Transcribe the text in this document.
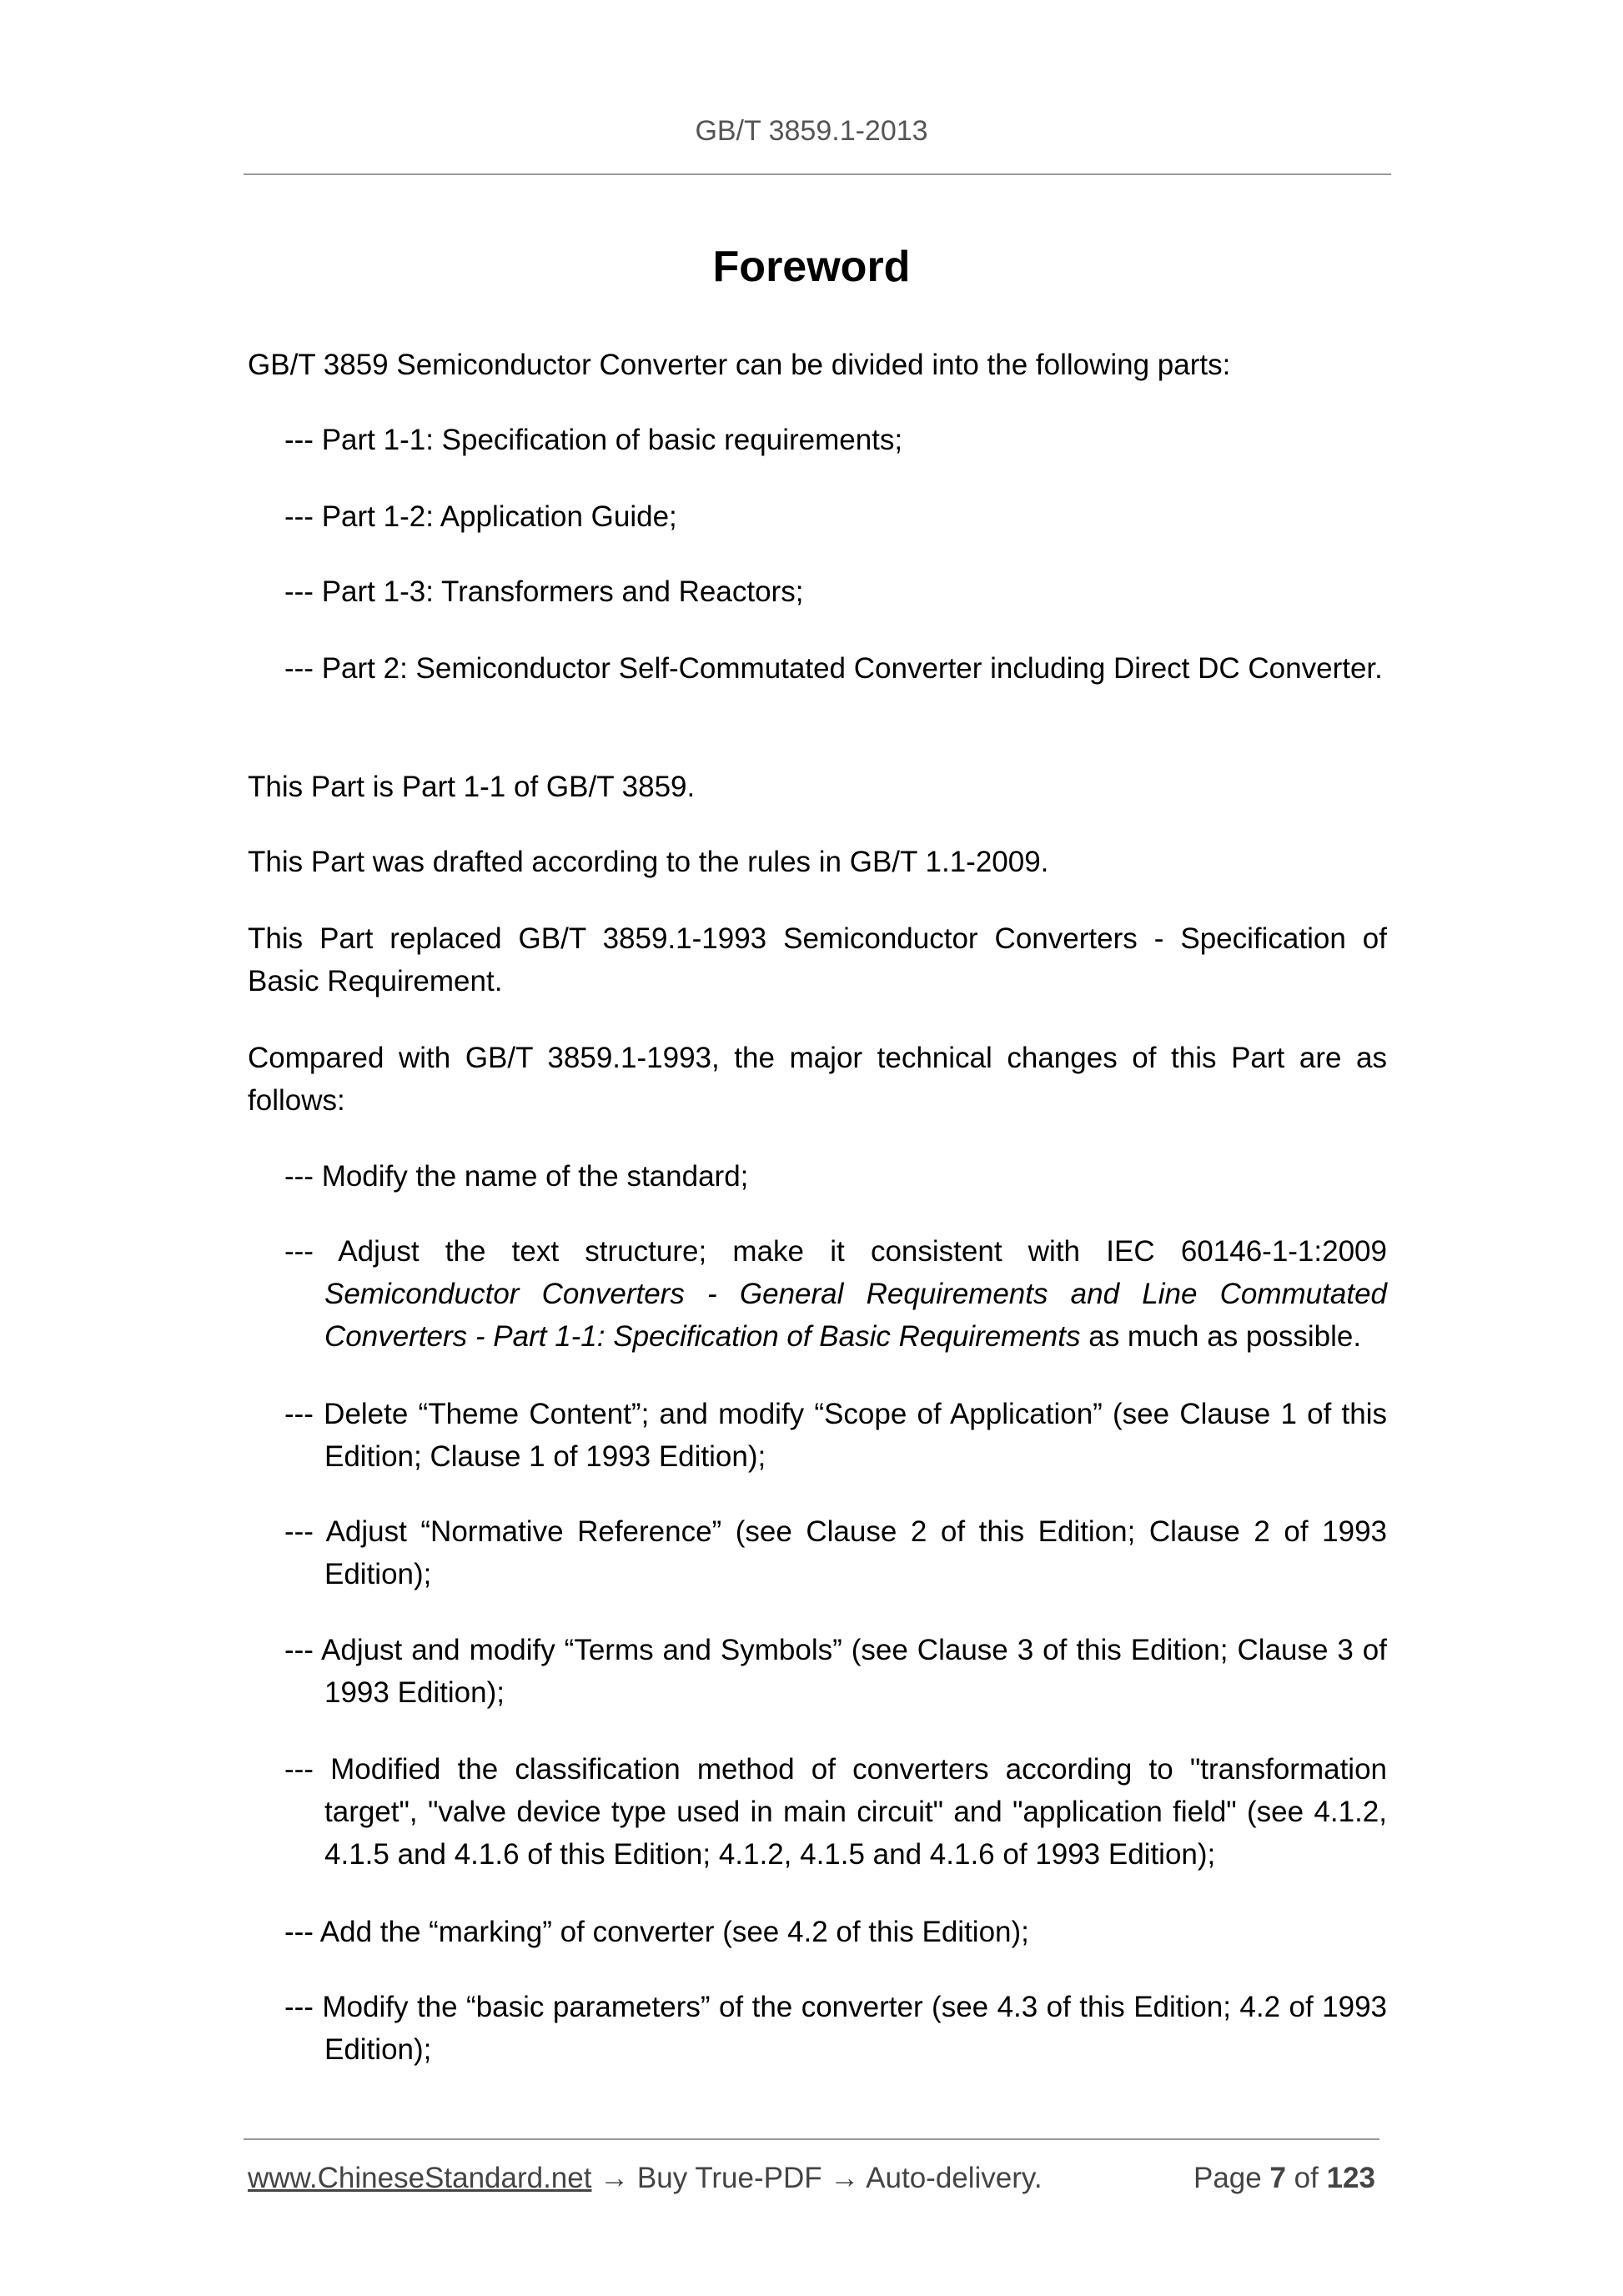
GB/T 3859.1-2013
Foreword
GB/T 3859 Semiconductor Converter can be divided into the following parts:
--- Part 1-1: Specification of basic requirements;
--- Part 1-2: Application Guide;
--- Part 1-3: Transformers and Reactors;
--- Part 2: Semiconductor Self-Commutated Converter including Direct DC Converter.
This Part is Part 1-1 of GB/T 3859.
This Part was drafted according to the rules in GB/T 1.1-2009.
This Part replaced GB/T 3859.1-1993 Semiconductor Converters - Specification of Basic Requirement.
Compared with GB/T 3859.1-1993, the major technical changes of this Part are as follows:
--- Modify the name of the standard;
--- Adjust the text structure; make it consistent with IEC 60146-1-1:2009 Semiconductor Converters - General Requirements and Line Commutated Converters - Part 1-1: Specification of Basic Requirements as much as possible.
--- Delete “Theme Content”; and modify “Scope of Application” (see Clause 1 of this Edition; Clause 1 of 1993 Edition);
--- Adjust “Normative Reference” (see Clause 2 of this Edition; Clause 2 of 1993 Edition);
--- Adjust and modify “Terms and Symbols” (see Clause 3 of this Edition; Clause 3 of 1993 Edition);
--- Modified the classification method of converters according to "transformation target", "valve device type used in main circuit" and "application field" (see 4.1.2, 4.1.5 and 4.1.6 of this Edition; 4.1.2, 4.1.5 and 4.1.6 of 1993 Edition);
--- Add the “marking” of converter (see 4.2 of this Edition);
--- Modify the “basic parameters” of the converter (see 4.3 of this Edition; 4.2 of 1993 Edition);
www.ChineseStandard.net → Buy True-PDF → Auto-delivery.	Page 7 of 123
